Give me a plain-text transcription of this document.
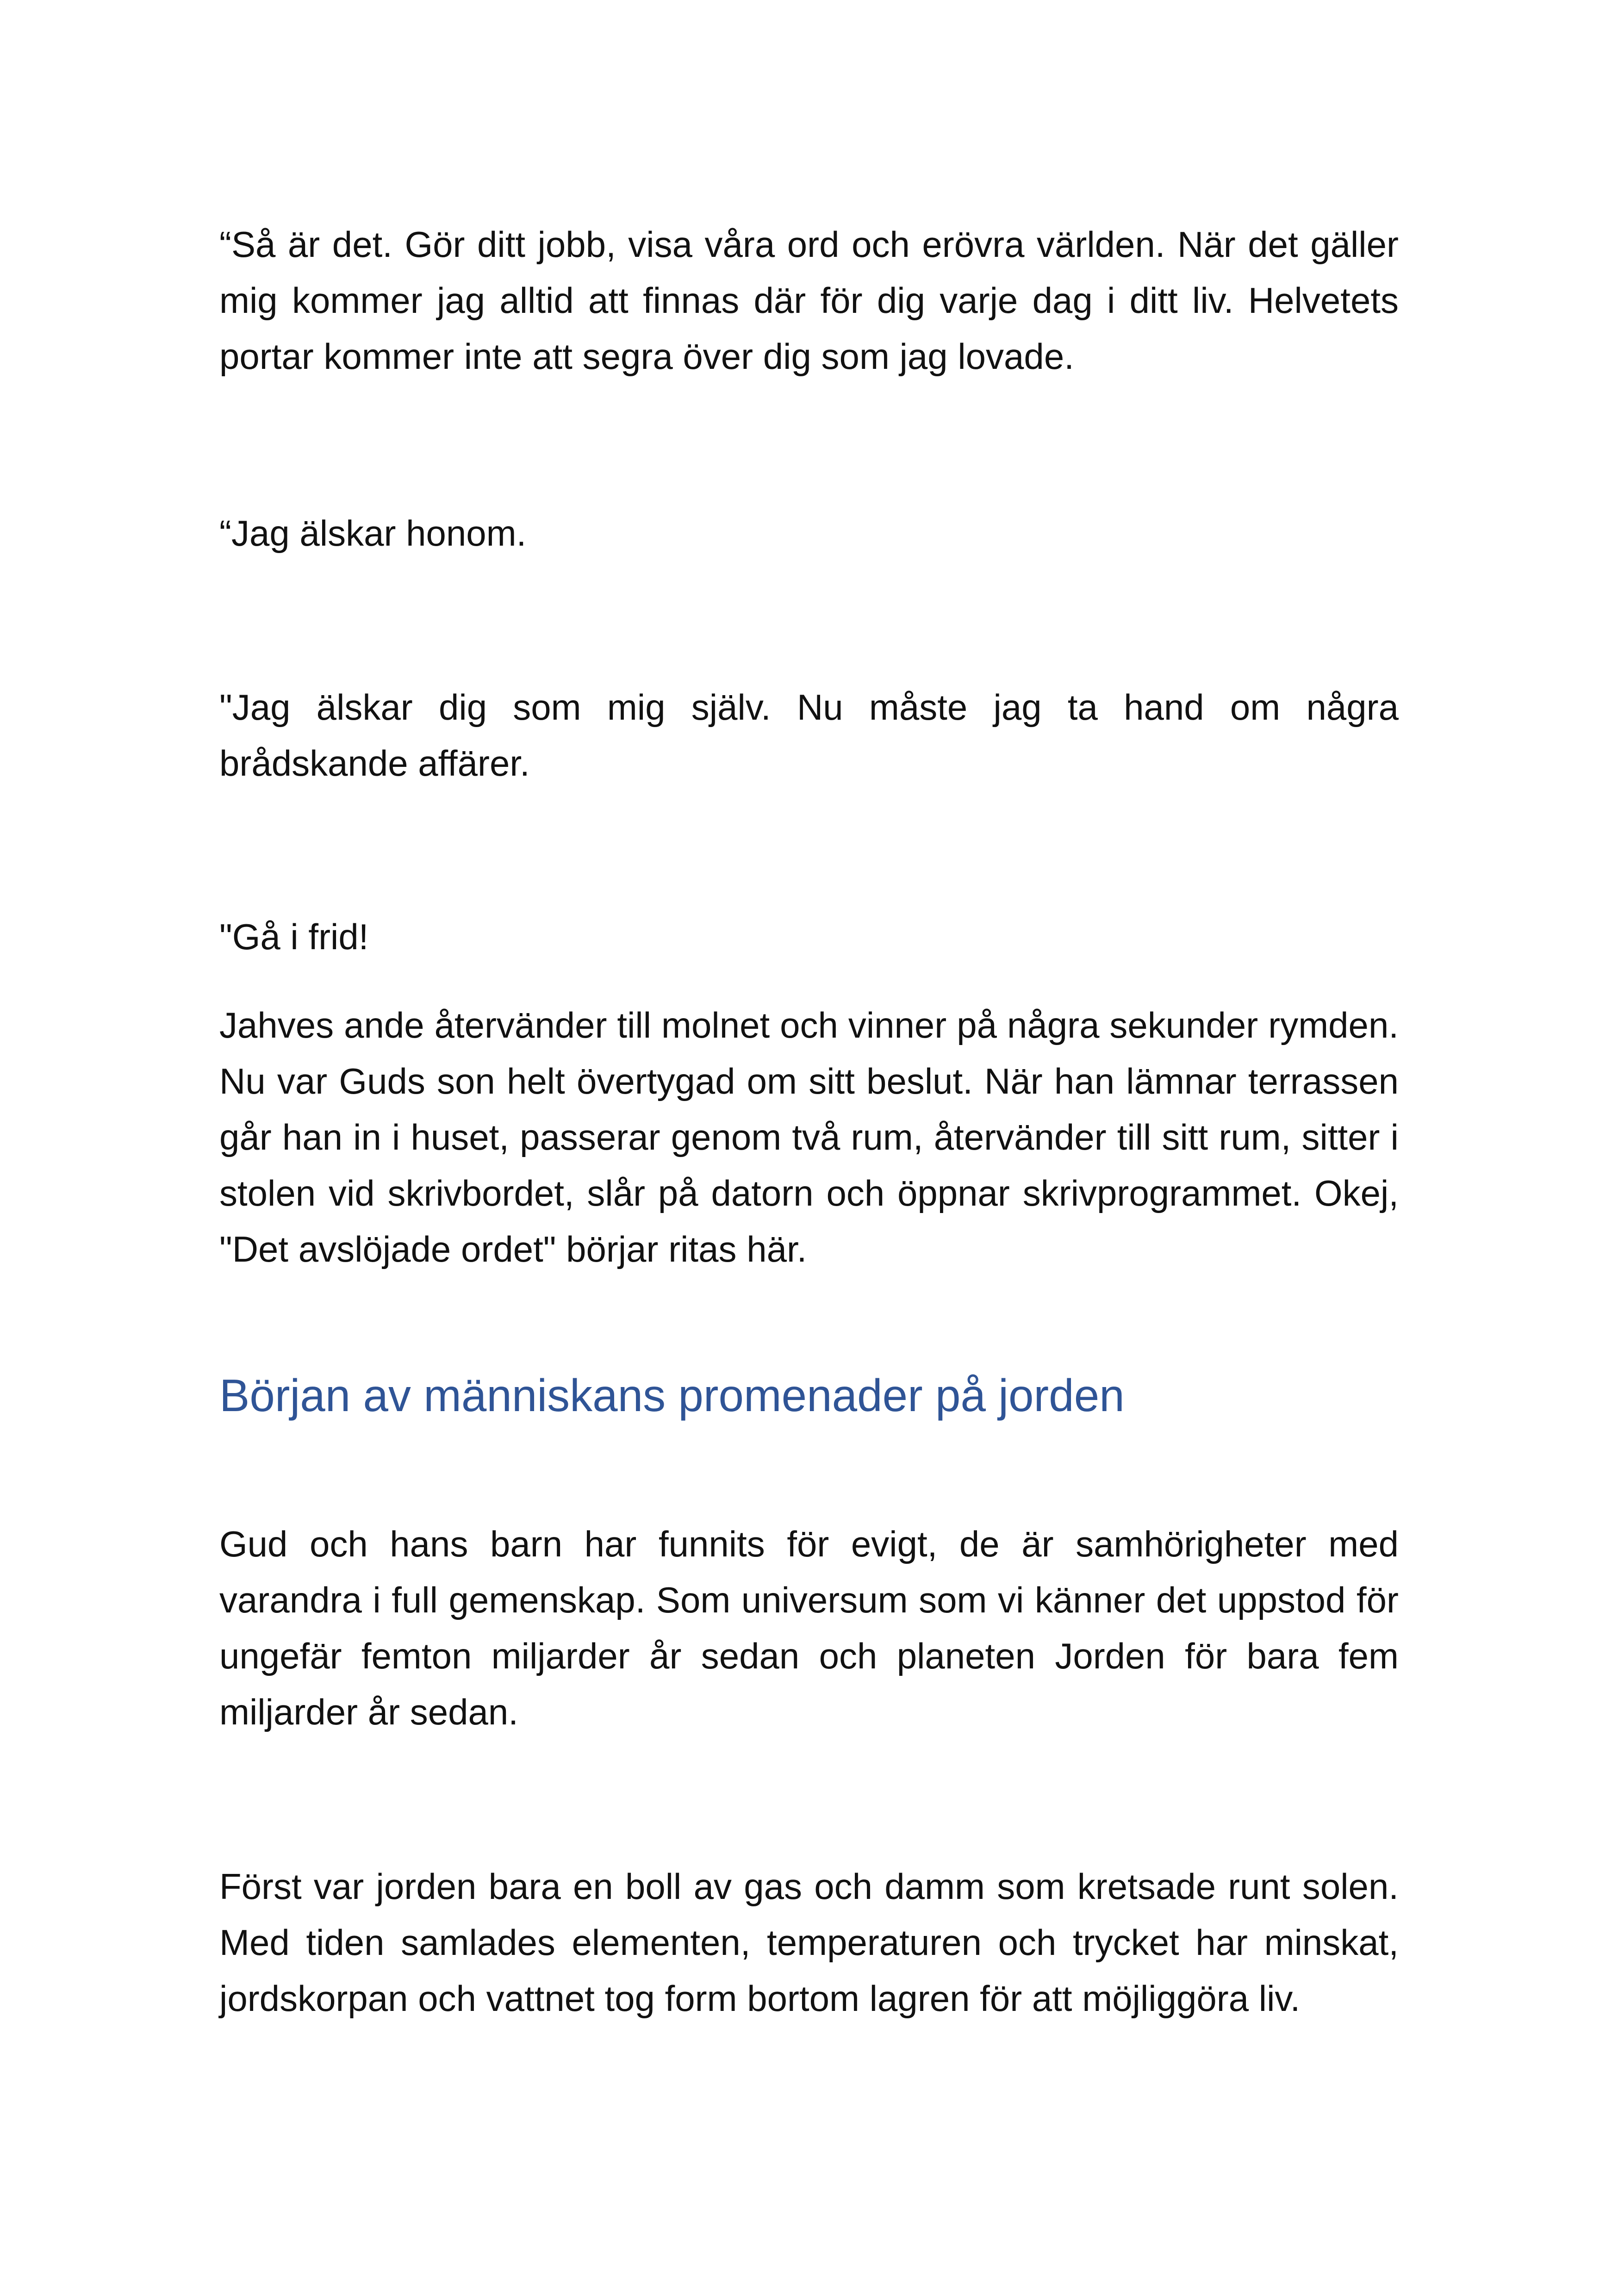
“Så är det. Gör ditt jobb, visa våra ord och erövra världen. När det gäller mig kommer jag alltid att finnas där för dig varje dag i ditt liv. Helvetets portar kommer inte att segra över dig som jag lovade.

“Jag älskar honom.

"Jag älskar dig som mig själv. Nu måste jag ta hand om några brådskande affärer.

"Gå i frid!

Jahves ande återvänder till molnet och vinner på några sekunder rymden. Nu var Guds son helt övertygad om sitt beslut. När han lämnar terrassen går han in i huset, passerar genom två rum, återvänder till sitt rum, sitter i stolen vid skrivbordet, slår på datorn och öppnar skrivprogrammet. Okej, "Det avslöjade ordet" börjar ritas här.

Början av människans promenader på jorden

Gud och hans barn har funnits för evigt, de är samhörigheter med varandra i full gemenskap. Som universum som vi känner det uppstod för ungefär femton miljarder år sedan och planeten Jorden för bara fem miljarder år sedan.

Först var jorden bara en boll av gas och damm som kretsade runt solen. Med tiden samlades elementen, temperaturen och trycket har minskat, jordskorpan och vattnet tog form bortom lagren för att möjliggöra liv.
